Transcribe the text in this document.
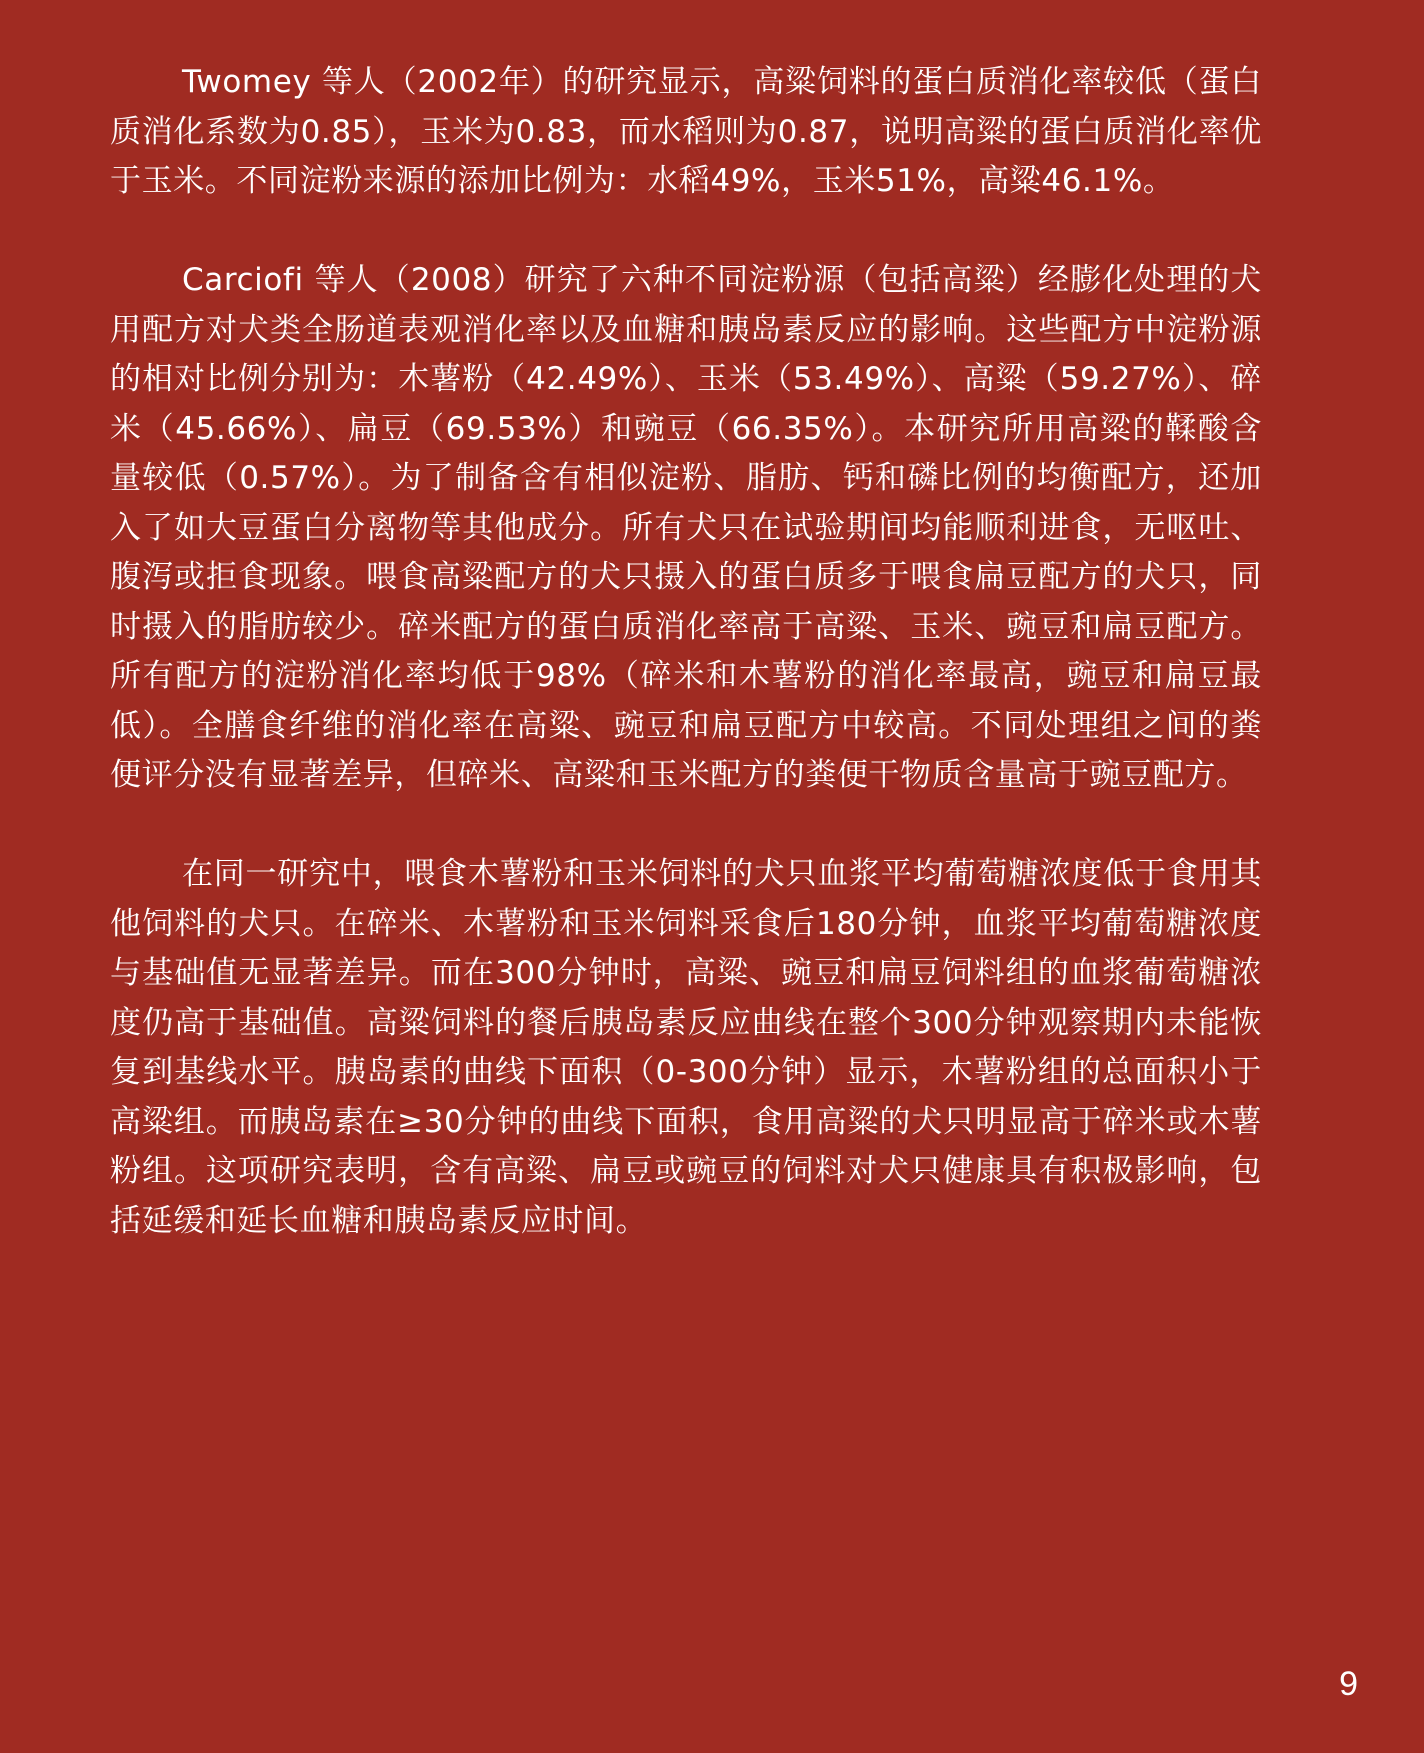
Twomey 等人（2002年）的研究显示，高粱饲料的蛋白质消化率较低（蛋白质消化系数为0.85），玉米为0.83，而水稻则为0.87，说明高粱的蛋白质消化率优于玉米。不同淀粉来源的添加比例为：水稻49%，玉米51%，高粱46.1%。

Carciofi 等人（2008）研究了六种不同淀粉源（包括高粱）经膨化处理的犬用配方对犬类全肠道表观消化率以及血糖和胰岛素反应的影响。这些配方中淀粉源的相对比例分别为：木薯粉（42.49%）、玉米（53.49%）、高粱（59.27%）、碎米（45.66%）、扁豆（69.53%）和豌豆（66.35%）。本研究所用高粱的鞣酸含量较低（0.57%）。为了制备含有相似淀粉、脂肪、钙和磷比例的均衡配方，还加入了如大豆蛋白分离物等其他成分。所有犬只在试验期间均能顺利进食，无呕吐、腹泻或拒食现象。喂食高粱配方的犬只摄入的蛋白质多于喂食扁豆配方的犬只，同时摄入的脂肪较少。碎米配方的蛋白质消化率高于高粱、玉米、豌豆和扁豆配方。所有配方的淀粉消化率均低于98%（碎米和木薯粉的消化率最高，豌豆和扁豆最低）。全膳食纤维的消化率在高粱、豌豆和扁豆配方中较高。不同处理组之间的粪便评分没有显著差异，但碎米、高粱和玉米配方的粪便干物质含量高于豌豆配方。

在同一研究中，喂食木薯粉和玉米饲料的犬只血浆平均葡萄糖浓度低于食用其他饲料的犬只。在碎米、木薯粉和玉米饲料采食后180分钟，血浆平均葡萄糖浓度与基础值无显著差异。而在300分钟时，高粱、豌豆和扁豆饲料组的血浆葡萄糖浓度仍高于基础值。高粱饲料的餐后胰岛素反应曲线在整个300分钟观察期内未能恢复到基线水平。胰岛素的曲线下面积（0-300分钟）显示，木薯粉组的总面积小于高粱组。而胰岛素在≥30分钟的曲线下面积，食用高粱的犬只明显高于碎米或木薯粉组。这项研究表明，含有高粱、扁豆或豌豆的饲料对犬只健康具有积极影响，包括延缓和延长血糖和胰岛素反应时间。

9
